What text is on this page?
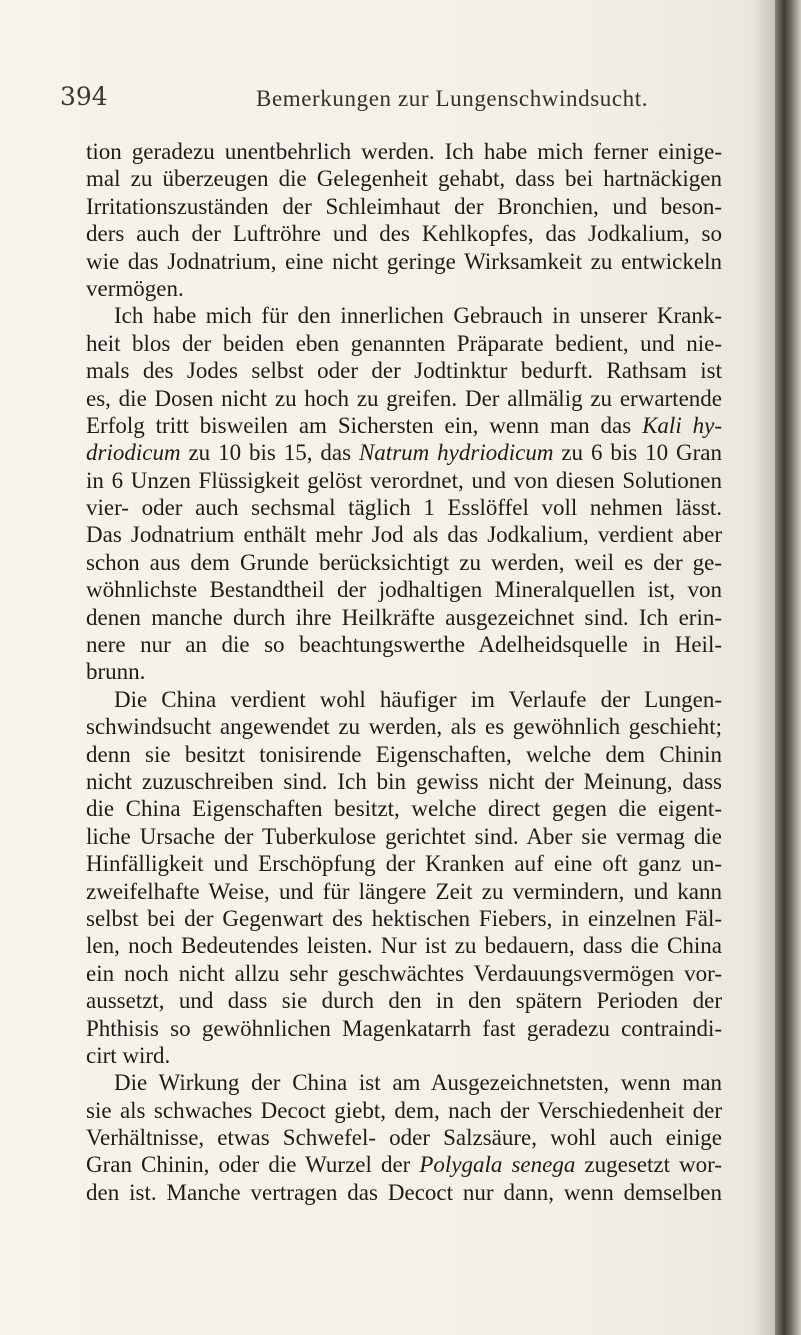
394	Bemerkungen zur Lungenschwindsucht.
tion geradezu unentbehrlich werden. Ich habe mich ferner einige-
mal zu überzeugen die Gelegenheit gehabt, dass bei hartnäckigen
Irritationszuständen der Schleimhaut der Bronchien, und beson-
ders auch der Luftröhre und des Kehlkopfes, das Jodkalium, so
wie das Jodnatrium, eine nicht geringe Wirksamkeit zu entwickeln
vermögen.
Ich habe mich für den innerlichen Gebrauch in unserer Krank-
heit blos der beiden eben genannten Präparate bedient, und nie-
mals des Jodes selbst oder der Jodtinktur bedurft. Rathsam ist
es, die Dosen nicht zu hoch zu greifen. Der allmälig zu erwartende
Erfolg tritt bisweilen am Sichersten ein, wenn man das Kali hy-
driodicum zu 10 bis 15, das Natrum hydriodicum zu 6 bis 10 Gran
in 6 Unzen Flüssigkeit gelöst verordnet, und von diesen Solutionen
vier- oder auch sechsmal täglich 1 Esslöffel voll nehmen lässt.
Das Jodnatrium enthält mehr Jod als das Jodkalium, verdient aber
schon aus dem Grunde berücksichtigt zu werden, weil es der ge-
wöhnlichste Bestandtheil der jodhaltigen Mineralquellen ist, von
denen manche durch ihre Heilkräfte ausgezeichnet sind. Ich erin-
nere nur an die so beachtungswerthe Adelheidsquelle in Heil-
brunn.
Die China verdient wohl häufiger im Verlaufe der Lungen-
schwindsucht angewendet zu werden, als es gewöhnlich geschieht;
denn sie besitzt tonisirende Eigenschaften, welche dem Chinin
nicht zuzuschreiben sind. Ich bin gewiss nicht der Meinung, dass
die China Eigenschaften besitzt, welche direct gegen die eigent-
liche Ursache der Tuberkulose gerichtet sind. Aber sie vermag die
Hinfälligkeit und Erschöpfung der Kranken auf eine oft ganz un-
zweifelhafte Weise, und für längere Zeit zu vermindern, und kann
selbst bei der Gegenwart des hektischen Fiebers, in einzelnen Fäl-
len, noch Bedeutendes leisten. Nur ist zu bedauern, dass die China
ein noch nicht allzu sehr geschwächtes Verdauungsvermögen vor-
aussetzt, und dass sie durch den in den spätern Perioden der
Phthisis so gewöhnlichen Magenkatarrh fast geradezu contraindi-
cirt wird.
Die Wirkung der China ist am Ausgezeichnetsten, wenn man
sie als schwaches Decoct giebt, dem, nach der Verschiedenheit der
Verhältnisse, etwas Schwefel- oder Salzsäure, wohl auch einige
Gran Chinin, oder die Wurzel der Polygala senega zugesetzt wor-
den ist. Manche vertragen das Decoct nur dann, wenn demselben
